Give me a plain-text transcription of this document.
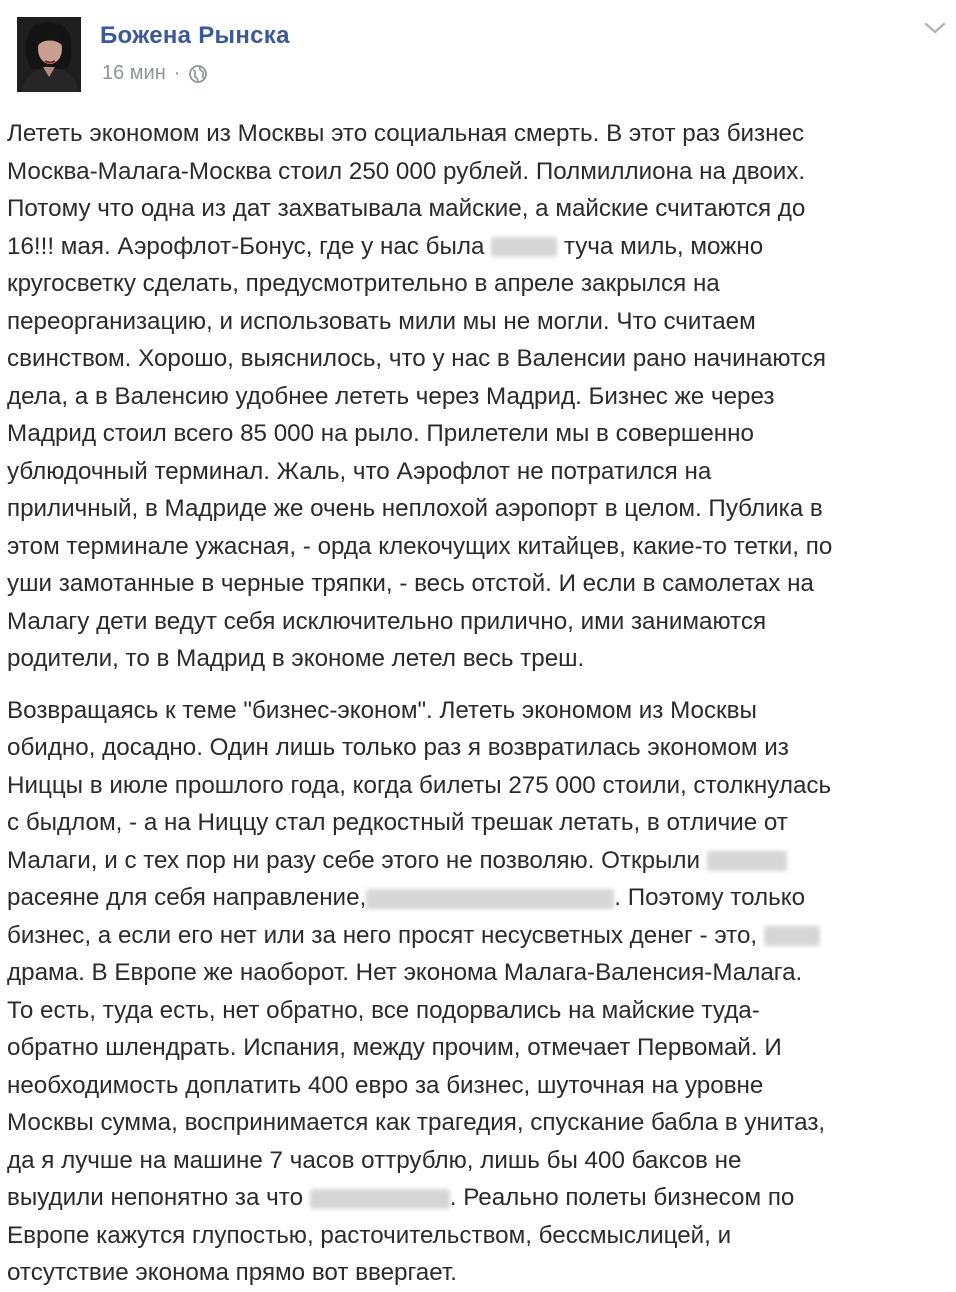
Божена Рынска
16 мин ·
Лететь экономом из Москвы это социальная смерть. В этот раз бизнес
Москва-Малага-Москва стоил 250 000 рублей. Полмиллиона на двоих.
Потому что одна из дат захватывала майские, а майские считаются до
16!!! мая. Аэрофлот-Бонус, где у нас была	туча миль, можно
кругосветку сделать, предусмотрительно в апреле закрылся на
переорганизацию, и использовать мили мы не могли. Что считаем
свинством. Хорошо, выяснилось, что у нас в Валенсии рано начинаются
дела, а в Валенсию удобнее лететь через Мадрид. Бизнес же через
Мадрид стоил всего 85 000 на рыло. Прилетели мы в совершенно
ублюдочный терминал. Жаль, что Аэрофлот не потратился на
приличный, в Мадриде же очень неплохой аэропорт в целом. Публика в
этом терминале ужасная, - орда клекочущих китайцев, какие-то тетки, по
уши замотанные в черные тряпки, - весь отстой. И если в самолетах на
Малагу дети ведут себя исключительно прилично, ими занимаются
родители, то в Мадрид в экономе летел весь треш.
Возвращаясь к теме "бизнес-эконом". Лететь экономом из Москвы
обидно, досадно. Один лишь только раз я возвратилась экономом из
Ниццы в июле прошлого года, когда билеты 275 000 стоили, столкнулась
с быдлом, - а на Ниццу стал редкостный трешак летать, в отличие от
Малаги, и с тех пор ни разу себе этого не позволяю. Открыли
расеяне для себя направление,	. Поэтому только
бизнес, а если его нет или за него просят несусветных денег - это,
драма. В Европе же наоборот. Нет эконома Малага-Валенсия-Малага.
То есть, туда есть, нет обратно, все подорвались на майские туда-
обратно шлендрать. Испания, между прочим, отмечает Первомай. И
необходимость доплатить 400 евро за бизнес, шуточная на уровне
Москвы сумма, воспринимается как трагедия, спускание бабла в унитаз,
да я лучше на машине 7 часов оттрублю, лишь бы 400 баксов не
выудили непонятно за что	. Реально полеты бизнесом по
Европе кажутся глупостью, расточительством, бессмыслицей, и
отсутствие эконома прямо вот ввергает.
